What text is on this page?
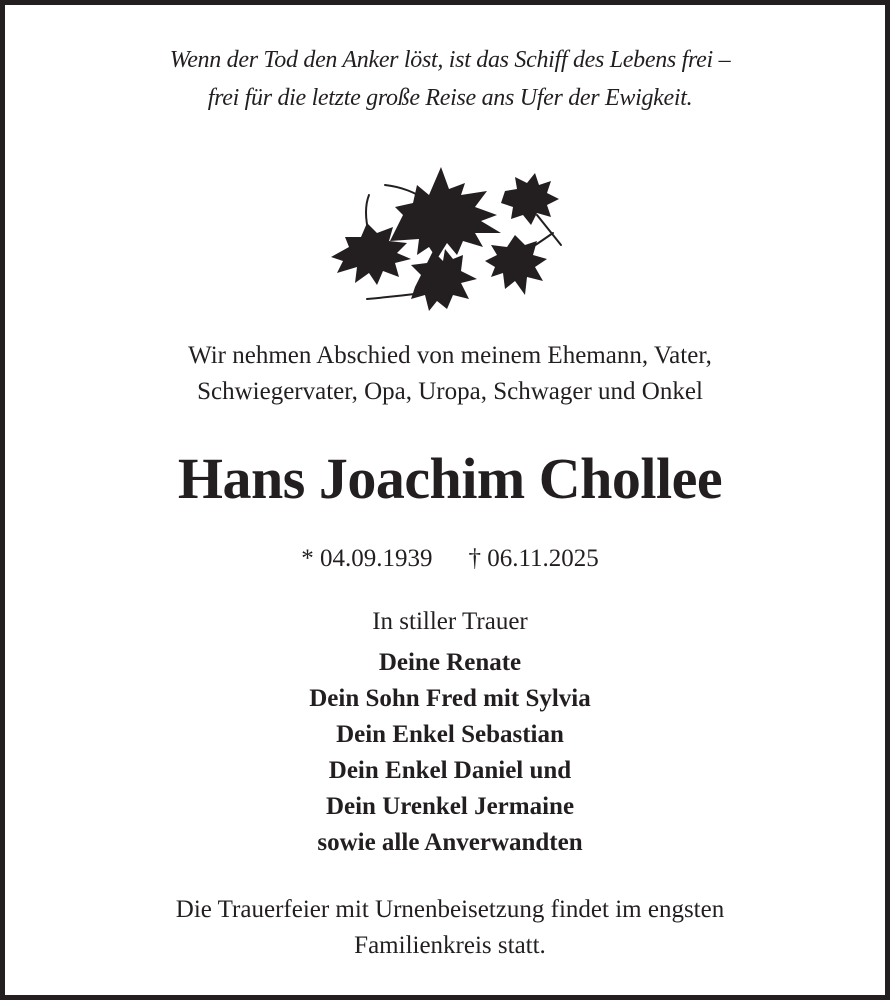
Wenn der Tod den Anker löst, ist das Schiff des Lebens frei –
frei für die letzte große Reise ans Ufer der Ewigkeit.
Wir nehmen Abschied von meinem Ehemann, Vater,
Schwiegervater, Opa, Uropa, Schwager und Onkel
Hans Joachim Chollee
* 04.09.1939 † 06.11.2025
In stiller Trauer
Deine Renate
Dein Sohn Fred mit Sylvia
Dein Enkel Sebastian
Dein Enkel Daniel und
Dein Urenkel Jermaine
sowie alle Anverwandten
Die Trauerfeier mit Urnenbeisetzung findet im engsten
Familienkreis statt.
